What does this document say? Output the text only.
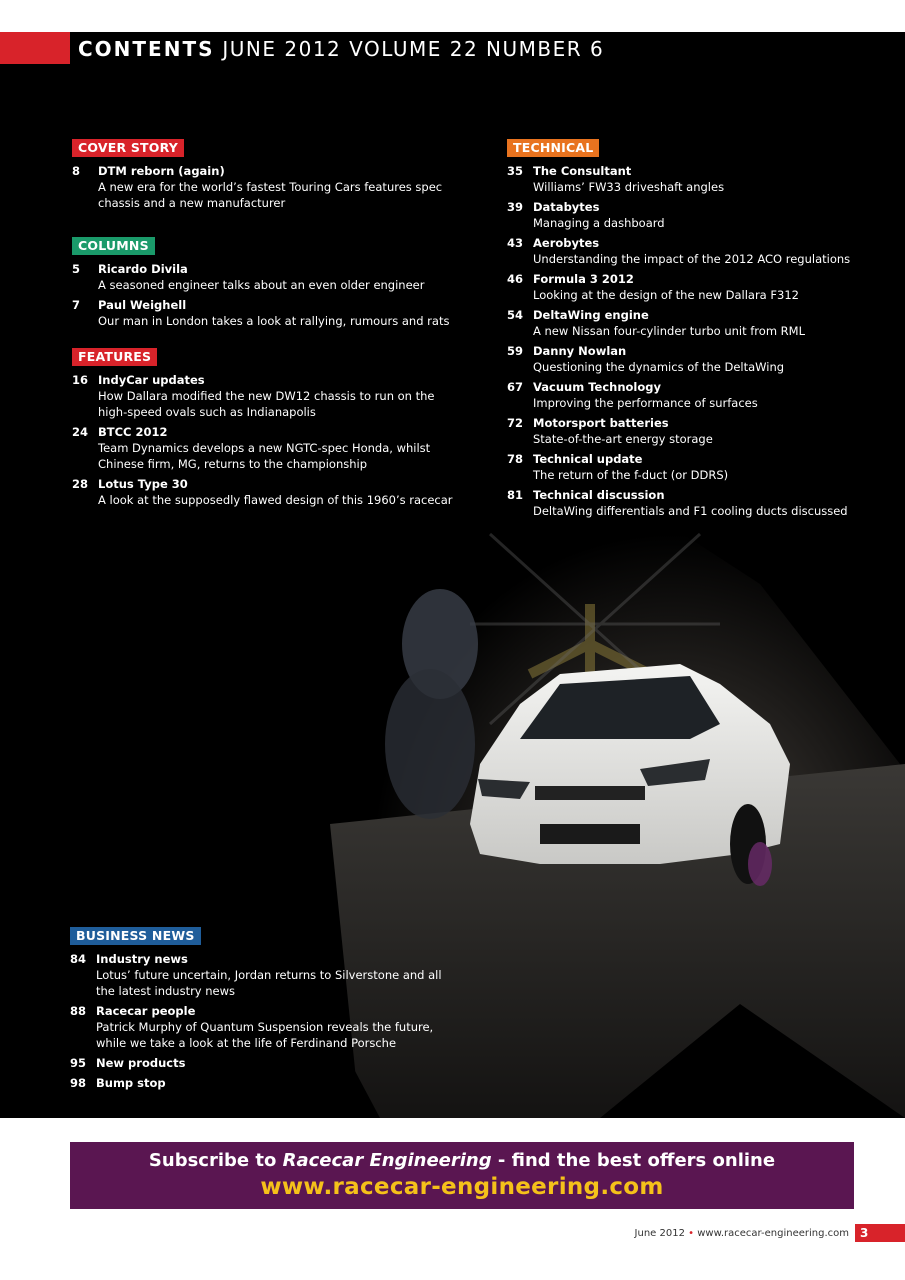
CONTENTS JUNE 2012 VOLUME 22 NUMBER 6
COVER STORY
8	DTM reborn (again)
A new era for the world’s fastest Touring Cars features spec
chassis and a new manufacturer
COLUMNS
5	Ricardo Divila
A seasoned engineer talks about an even older engineer
7	Paul Weighell
Our man in London takes a look at rallying, rumours and rats
FEATURES
16 IndyCar updates
How Dallara modified the new DW12 chassis to run on the
high-speed ovals such as Indianapolis
24 BTCC 2012
Team Dynamics develops a new NGTC-spec Honda, whilst
Chinese firm, MG, returns to the championship
28 Lotus Type 30
A look at the supposedly flawed design of this 1960’s racecar
TECHNICAL
35 The Consultant
Williams’ FW33 driveshaft angles
39 Databytes
Managing a dashboard
43 Aerobytes
Understanding the impact of the 2012 ACO regulations
46 Formula 3 2012
Looking at the design of the new Dallara F312
54 DeltaWing engine
A new Nissan four-cylinder turbo unit from RML
59 Danny Nowlan
Questioning the dynamics of the DeltaWing
67 Vacuum Technology
Improving the performance of surfaces
72 Motorsport batteries
State-of-the-art energy storage
78 Technical update
The return of the f-duct (or DDRS)
81 Technical discussion
DeltaWing differentials and F1 cooling ducts discussed
BUSINESS NEWS
84 Industry news
Lotus’ future uncertain, Jordan returns to Silverstone and all
the latest industry news
88 Racecar people
Patrick Murphy of Quantum Suspension reveals the future,
while we take a look at the life of Ferdinand Porsche
95 New products
98 Bump stop
Subscribe to Racecar Engineering - find the best offers online
www.racecar-engineering.com
June 2012 • www.racecar-engineering.com 3
